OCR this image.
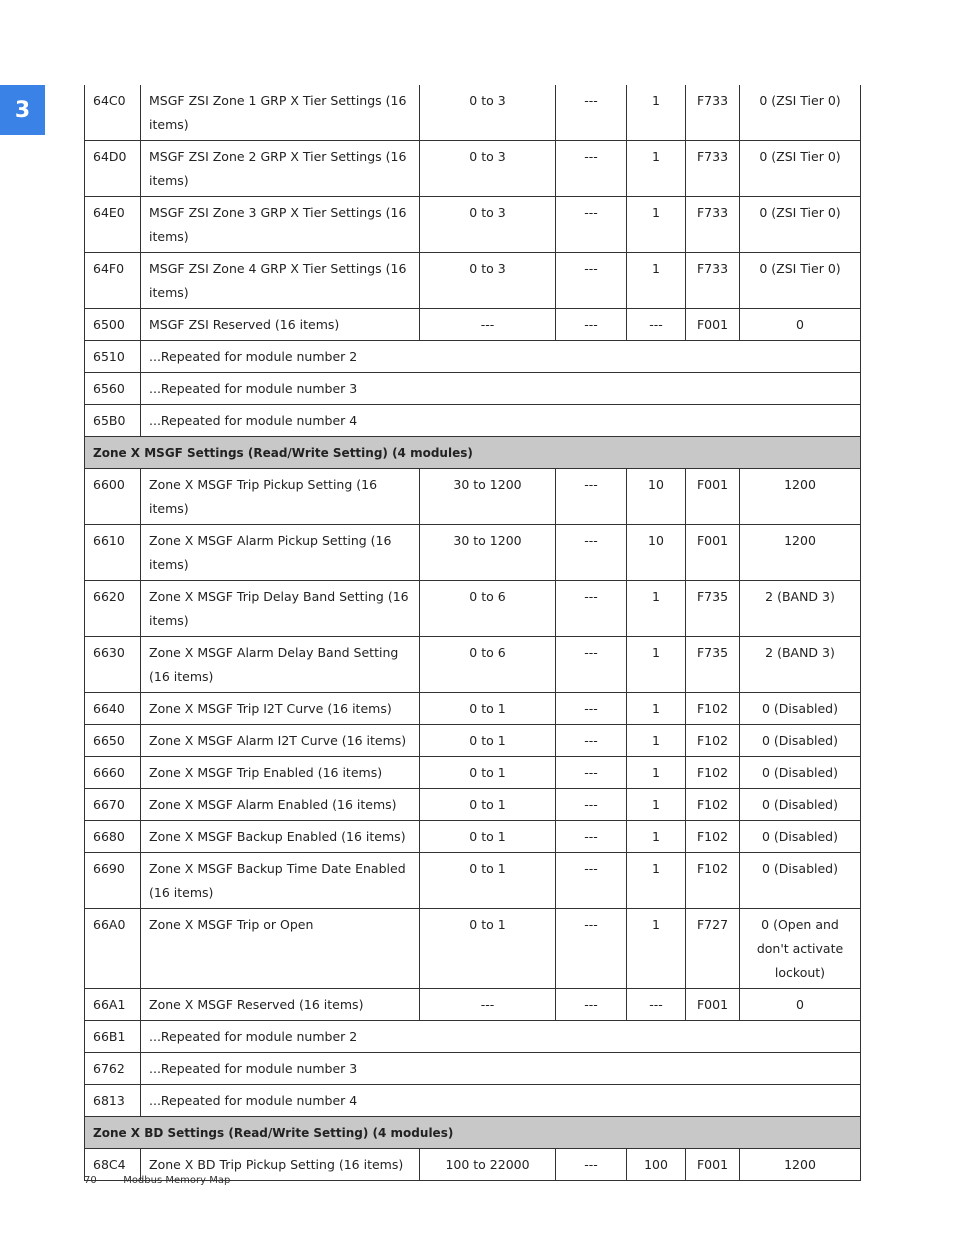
3	64C0	MSGF ZSI Zone 1 GRP X Tier Settings (16 items)	0 to 3	---	1	F733	0 (ZSI Tier 0)
64D0	MSGF ZSI Zone 2 GRP X Tier Settings (16 items)	0 to 3	---	1	F733	0 (ZSI Tier 0)
64E0	MSGF ZSI Zone 3 GRP X Tier Settings (16 items)	0 to 3	---	1	F733	0 (ZSI Tier 0)
64F0	MSGF ZSI Zone 4 GRP X Tier Settings (16 items)	0 to 3	---	1	F733	0 (ZSI Tier 0)
6500	MSGF ZSI Reserved (16 items)	---	---	---	F001	0
6510	...Repeated for module number 2					
6560	...Repeated for module number 3					
65B0	...Repeated for module number 4					
Zone X MSGF Settings (Read/Write Setting) (4 modules)						
6600	Zone X MSGF Trip Pickup Setting (16 items)	30 to 1200	---	10	F001	1200
6610	Zone X MSGF Alarm Pickup Setting (16 items)	30 to 1200	---	10	F001	1200
6620	Zone X MSGF Trip Delay Band Setting (16 items)	0 to 6	---	1	F735	2 (BAND 3)
6630	Zone X MSGF Alarm Delay Band Setting (16 items)	0 to 6	---	1	F735	2 (BAND 3)
6640	Zone X MSGF Trip I2T Curve (16 items)	0 to 1	---	1	F102	0 (Disabled)
6650	Zone X MSGF Alarm I2T Curve (16 items)	0 to 1	---	1	F102	0 (Disabled)
6660	Zone X MSGF Trip Enabled (16 items)	0 to 1	---	1	F102	0 (Disabled)
6670	Zone X MSGF Alarm Enabled (16 items)	0 to 1	---	1	F102	0 (Disabled)
6680	Zone X MSGF Backup Enabled (16 items)	0 to 1	---	1	F102	0 (Disabled)
6690	Zone X MSGF Backup Time Date Enabled (16 items)	0 to 1	---	1	F102	0 (Disabled)
66A0	Zone X MSGF Trip or Open	0 to 1	---	1	F727	0 (Open and don't activate lockout)
66A1	Zone X MSGF Reserved (16 items)	---	---	---	F001	0
66B1	...Repeated for module number 2					
6762	...Repeated for module number 3					
6813	...Repeated for module number 4					
Zone X BD Settings (Read/Write Setting) (4 modules)						
68C4	Zone X BD Trip Pickup Setting (16 items)	100 to 22000	---	100	F001	1200
70	Modbus Memory Map
